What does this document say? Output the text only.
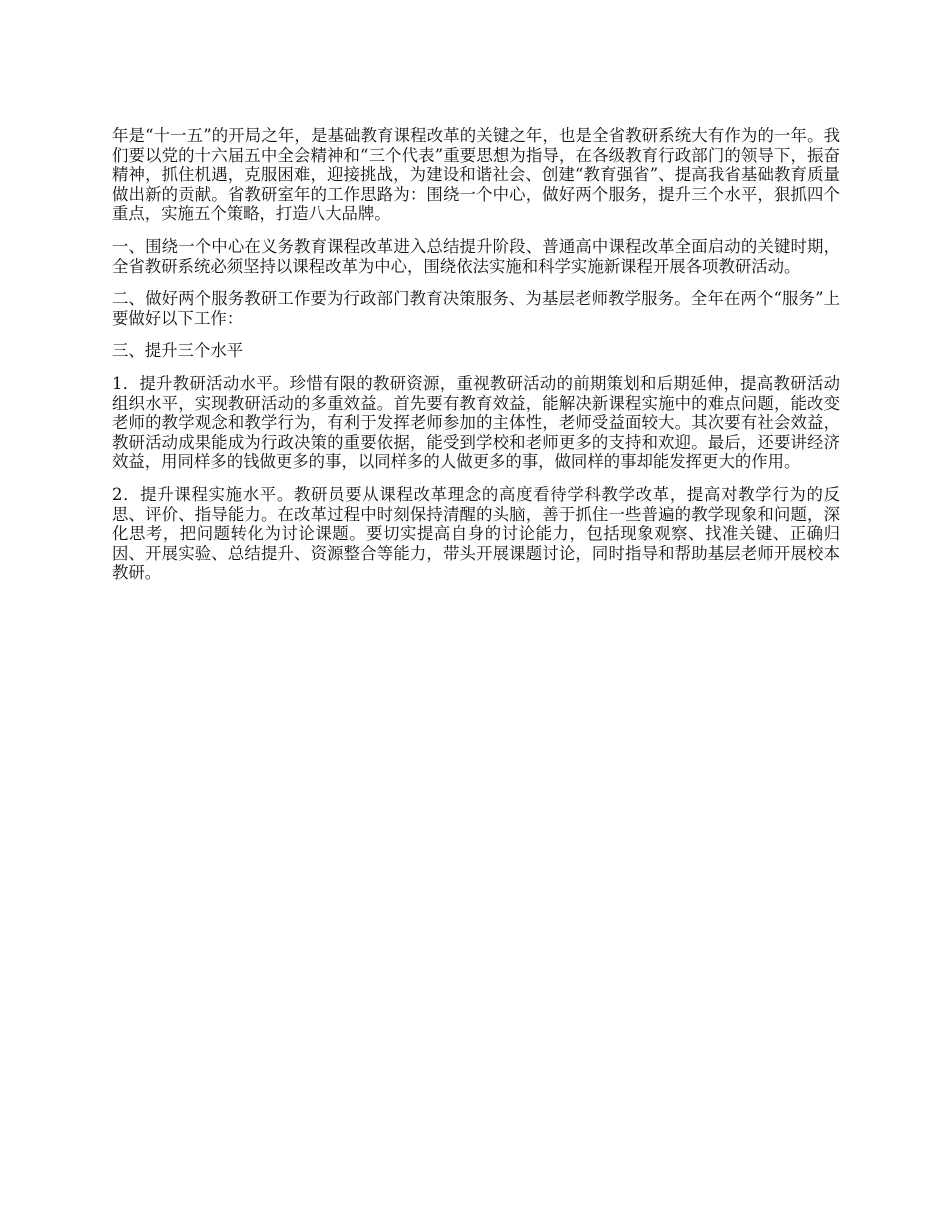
年是“十一五”的开局之年，是基础教育课程改革的关键之年，也是全省教研系统大有作为的一年。我们要以党的十六届五中全会精神和“三个代表”重要思想为指导，在各级教育行政部门的领导下，振奋精神，抓住机遇，克服困难，迎接挑战，为建设和谐社会、创建“教育强省”、提高我省基础教育质量做出新的贡献。省教研室年的工作思路为：围绕一个中心，做好两个服务，提升三个水平，狠抓四个重点，实施五个策略，打造八大品牌。

一、围绕一个中心在义务教育课程改革进入总结提升阶段、普通高中课程改革全面启动的关键时期，全省教研系统必须坚持以课程改革为中心，围绕依法实施和科学实施新课程开展各项教研活动。

二、做好两个服务教研工作要为行政部门教育决策服务、为基层老师教学服务。全年在两个“服务”上要做好以下工作：

三、提升三个水平

1．提升教研活动水平。珍惜有限的教研资源，重视教研活动的前期策划和后期延伸，提高教研活动组织水平，实现教研活动的多重效益。首先要有教育效益，能解决新课程实施中的难点问题，能改变老师的教学观念和教学行为，有利于发挥老师参加的主体性，老师受益面较大。其次要有社会效益，教研活动成果能成为行政决策的重要依据，能受到学校和老师更多的支持和欢迎。最后，还要讲经济效益，用同样多的钱做更多的事，以同样多的人做更多的事，做同样的事却能发挥更大的作用。

2．提升课程实施水平。教研员要从课程改革理念的高度看待学科教学改革，提高对教学行为的反思、评价、指导能力。在改革过程中时刻保持清醒的头脑，善于抓住一些普遍的教学现象和问题，深化思考，把问题转化为讨论课题。要切实提高自身的讨论能力，包括现象观察、找准关键、正确归因、开展实验、总结提升、资源整合等能力，带头开展课题讨论，同时指导和帮助基层老师开展校本教研。
